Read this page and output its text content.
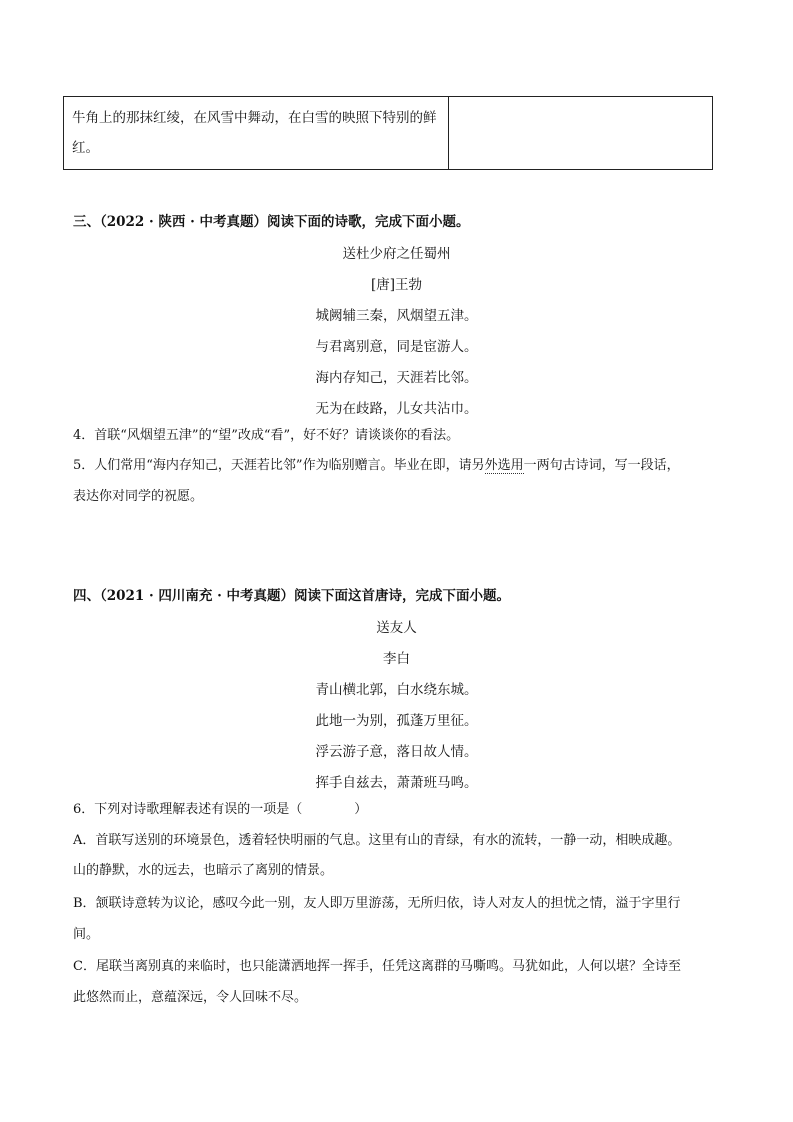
牛角上的那抹红绫，在风雪中舞动，在白雪的映照下特别的鲜红。

三、（2022 · 陕西 · 中考真题）阅读下面的诗歌，完成下面小题。
送杜少府之任蜀州
[唐]王勃
城阙辅三秦，风烟望五津。
与君离别意，同是宦游人。
海内存知己，天涯若比邻。
无为在歧路，儿女共沾巾。
4．首联“风烟望五津”的“望”改成“看”，好不好？请谈谈你的看法。
5．人们常用“海内存知己，天涯若比邻”作为临别赠言。毕业在即，请另外选用一两句古诗词，写一段话，
表达你对同学的祝愿。
四、（2021 · 四川南充 · 中考真题）阅读下面这首唐诗，完成下面小题。
送友人
李白
青山横北郭，白水绕东城。
此地一为别，孤蓬万里征。
浮云游子意，落日故人情。
挥手自兹去，萧萧班马鸣。
6．下列对诗歌理解表述有误的一项是（　　　　）
A．首联写送别的环境景色，透着轻快明丽的气息。这里有山的青绿，有水的流转，一静一动，相映成趣。
山的静默，水的远去，也暗示了离别的情景。
B．颔联诗意转为议论，感叹今此一别，友人即万里游荡，无所归依，诗人对友人的担忧之情，溢于字里行
间。
C．尾联当离别真的来临时，也只能潇洒地挥一挥手，任凭这离群的马嘶鸣。马犹如此，人何以堪？全诗至
此悠然而止，意蕴深远，令人回味不尽。
